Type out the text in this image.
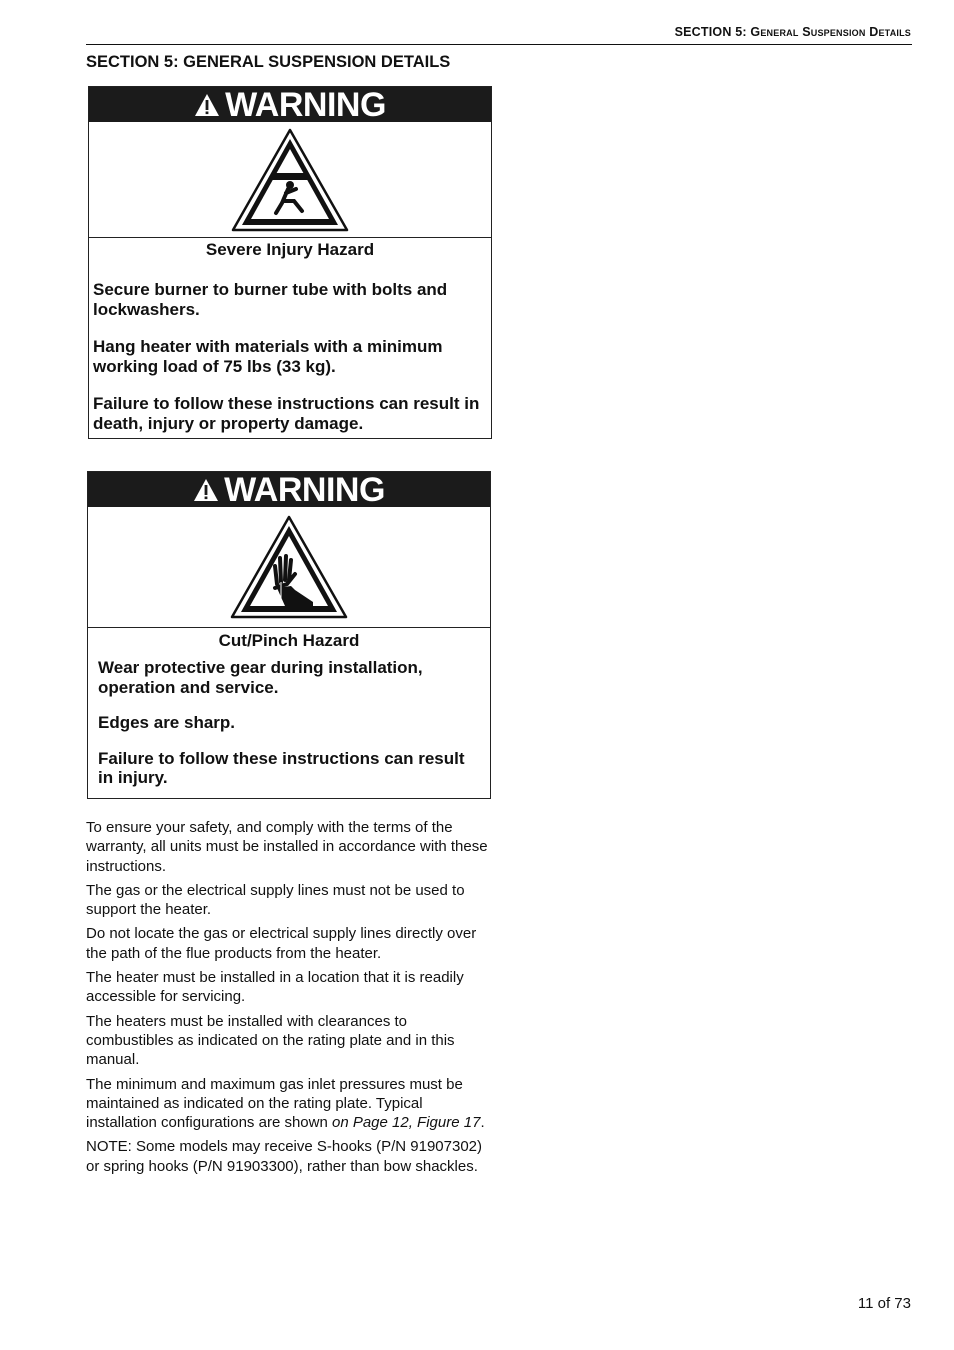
SECTION 5: General Suspension Details
SECTION 5: GENERAL SUSPENSION DETAILS
WARNING
Severe Injury Hazard

Secure burner to burner tube with bolts and lockwashers.

Hang heater with materials with a minimum working load of 75 lbs (33 kg).

Failure to follow these instructions can result in death, injury or property damage.

WARNING
Cut/Pinch Hazard

Wear protective gear during installation, operation and service.

Edges are sharp.

Failure to follow these instructions can result in injury.

To ensure your safety, and comply with the terms of the warranty, all units must be installed in accordance with these instructions.

The gas or the electrical supply lines must not be used to support the heater.

Do not locate the gas or electrical supply lines directly over the path of the flue products from the heater.

The heater must be installed in a location that it is readily accessible for servicing.

The heaters must be installed with clearances to combustibles as indicated on the rating plate and in this manual.

The minimum and maximum gas inlet pressures must be maintained as indicated on the rating plate. Typical installation configurations are shown on Page 12, Figure 17.

NOTE: Some models may receive S-hooks (P/N 91907302) or spring hooks (P/N 91903300), rather than bow shackles.

11 of 73
